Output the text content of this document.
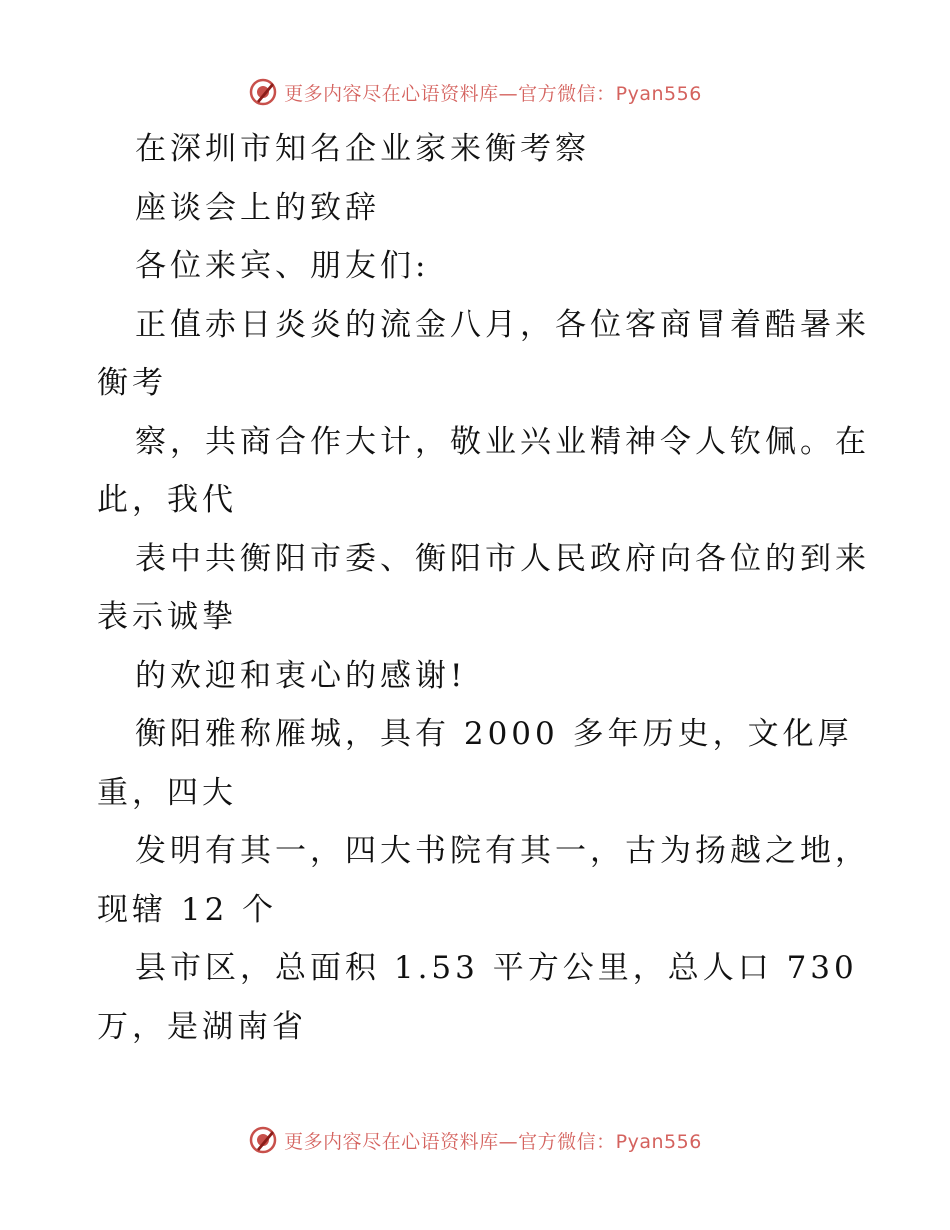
更多内容尽在心语资料库—官方微信：Pyan556
在深圳市知名企业家来衡考察
座谈会上的致辞
各位来宾、朋友们:
正值赤日炎炎的流金八月，各位客商冒着酷暑来
衡考
察，共商合作大计，敬业兴业精神令人钦佩。在
此，我代
表中共衡阳市委、衡阳市人民政府向各位的到来
表示诚挚
的欢迎和衷心的感谢!
衡阳雅称雁城，具有 2000 多年历史，文化厚
重，四大
发明有其一，四大书院有其一，古为扬越之地，
现辖 12 个
县市区，总面积 1.53 平方公里，总人口 730
万，是湖南省
更多内容尽在心语资料库—官方微信：Pyan556
